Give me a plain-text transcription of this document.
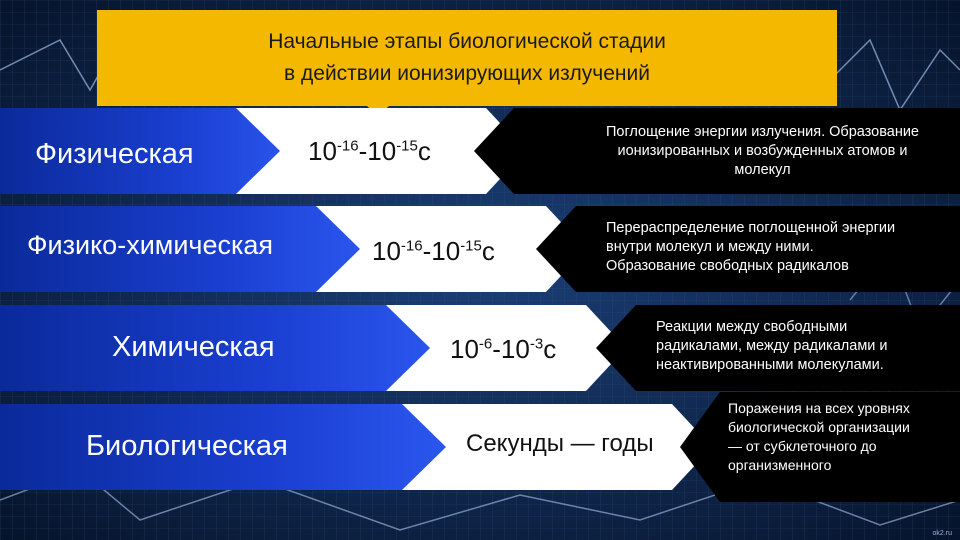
Начальные этапы биологической стадии
в действии ионизирующих излучений
Физическая	$10^{-16}-10^{-15}с$
Поглощение энергии излучения. Образование
ионизированных и возбужденных атомов и
молекул
Физико-химическая	$10^{-16}-10^{-15}с$
Перераспределение поглощенной энергии
внутри молекул и между ними.
Образование свободных радикалов
Химическая	$10^{-6}-10^{-3}с$
Реакции между свободными
радикалами, между радикалами и
неактивированными молекулами.
Биологическая	Секунды — годы
Поражения на всех уровнях
биологической организации
— от субклеточного до
организменного
ok2.ru
